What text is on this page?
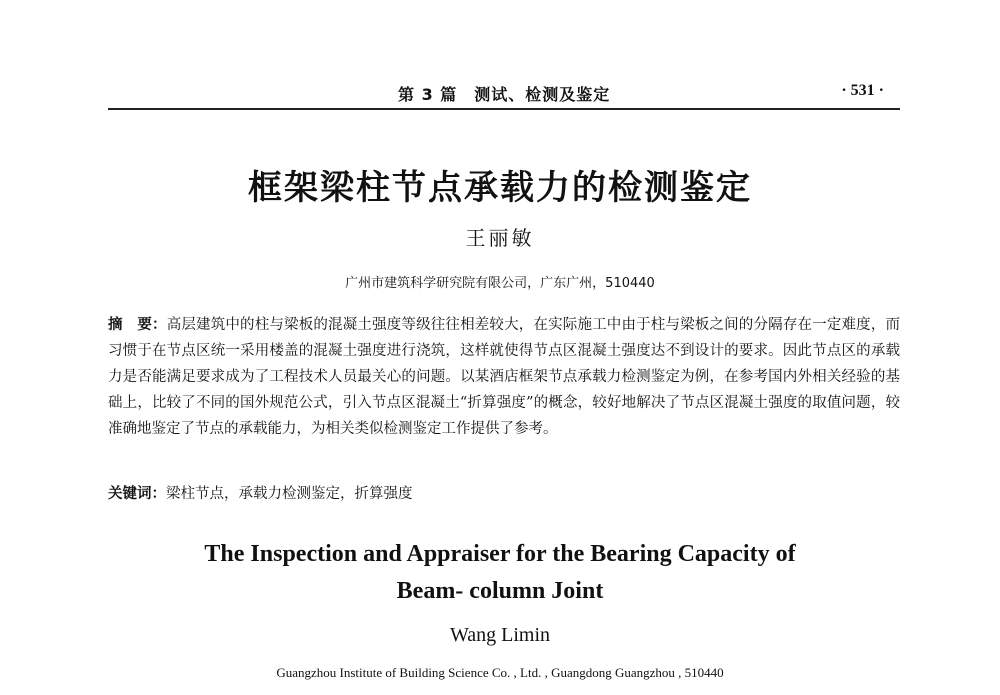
第 3 篇　测试、检测及鉴定	· 531 ·
框架梁柱节点承载力的检测鉴定
王丽敏
广州市建筑科学研究院有限公司，广东广州，510440
摘　要：高层建筑中的柱与梁板的混凝土强度等级往往相差较大，在实际施工中由于柱与梁板之间的分隔存在一定难度，而习惯于在节点区统一采用楼盖的混凝土强度进行浇筑，这样就使得节点区混凝土强度达不到设计的要求。因此节点区的承载力是否能满足要求成为了工程技术人员最关心的问题。以某酒店框架节点承载力检测鉴定为例，在参考国内外相关经验的基础上，比较了不同的国外规范公式，引入节点区混凝土“折算强度”的概念，较好地解决了节点区混凝土强度的取值问题，较准确地鉴定了节点的承载能力，为相关类似检测鉴定工作提供了参考。
关键词：梁柱节点，承载力检测鉴定，折算强度
The Inspection and Appraiser for the Bearing Capacity of
Beam- column Joint
Wang Limin
Guangzhou Institute of Building Science Co. , Ltd. , Guangdong Guangzhou , 510440
